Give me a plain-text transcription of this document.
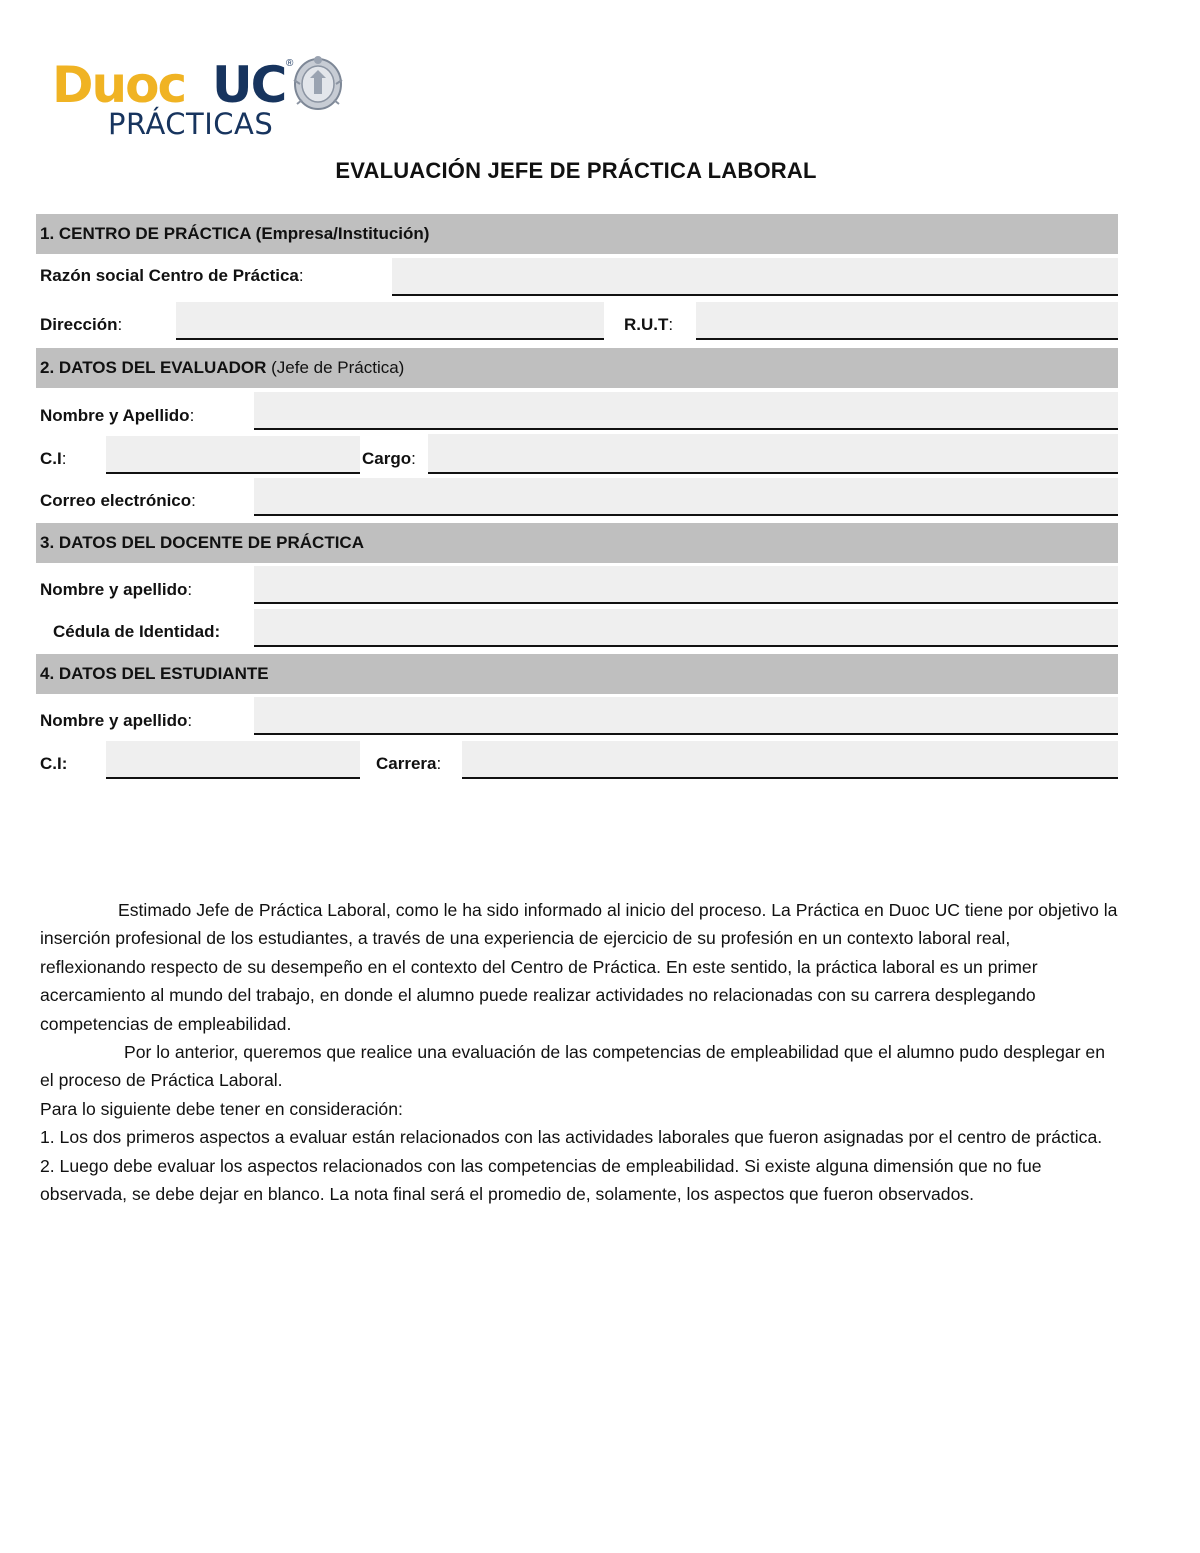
Duoc UC ®
PRÁCTICAS
EVALUACIÓN JEFE DE PRÁCTICA LABORAL
1. CENTRO DE PRÁCTICA (Empresa/Institución)
Razón social Centro de Práctica:
Dirección:	R.U.T:
2. DATOS DEL EVALUADOR (Jefe de Práctica)
Nombre y Apellido:
C.I:	Cargo:
Correo electrónico:
3. DATOS DEL DOCENTE DE PRÁCTICA
Nombre y apellido:
Cédula de Identidad:
4. DATOS DEL ESTUDIANTE
Nombre y apellido:
C.I:	Carrera:

Estimado Jefe de Práctica Laboral, como le ha sido informado al inicio del proceso. La Práctica en Duoc UC tiene por objetivo la inserción profesional de los estudiantes, a través de una experiencia de ejercicio de su profesión en un contexto laboral real, reflexionando respecto de su desempeño en el contexto del Centro de Práctica. En este sentido, la práctica laboral es un primer acercamiento al mundo del trabajo, en donde el alumno puede realizar actividades no relacionadas con su carrera desplegando competencias de empleabilidad.

Por lo anterior, queremos que realice una evaluación de las competencias de empleabilidad que el alumno pudo desplegar en el proceso de Práctica Laboral.

Para lo siguiente debe tener en consideración:

1. Los dos primeros aspectos a evaluar están relacionados con las actividades laborales que fueron asignadas por el centro de práctica.

2. Luego debe evaluar los aspectos relacionados con las competencias de empleabilidad. Si existe alguna dimensión que no fue observada, se debe dejar en blanco. La nota final será el promedio de, solamente, los aspectos que fueron observados.
